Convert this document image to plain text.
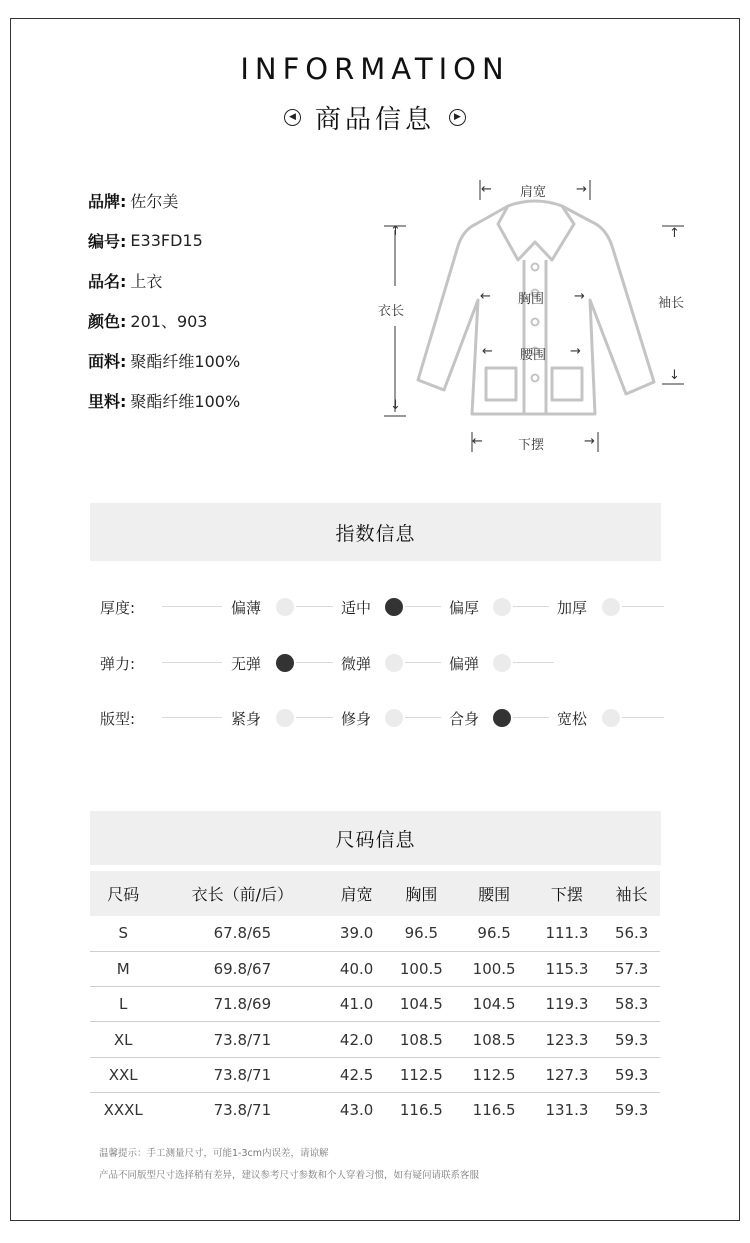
INFORMATION
◀ 商品信息	▶
品牌: 佐尔美
编号: E33FD15
品名: 上衣
颜色: 201、903
面料: 聚酯纤维100%
里料: 聚酯纤维100%
← 肩宽 →
↑
衣长
↓
← 胸围 →
← 腰围 →
←	下摆	→
↑
袖长
↓
指数信息
厚度:	偏薄	适中	偏厚	加厚
弹力:	无弹	微弹	偏弹
版型:	紧身	修身	合身	宽松
尺码信息
尺码	衣长（前/后）	肩宽	胸围	腰围	下摆	袖长
S	67.8/65	39.0	96.5	96.5	111.3	56.3
M	69.8/67	40.0	100.5	100.5	115.3	57.3
L	71.8/69	41.0	104.5	104.5	119.3	58.3
XL	73.8/71	42.0	108.5	108.5	123.3	59.3
XXL	73.8/71	42.5	112.5	112.5	127.3	59.3
XXXL	73.8/71	43.0	116.5	116.5	131.3	59.3
温馨提示：手工测量尺寸，可能1-3cm内误差，请谅解
产品不同版型尺寸选择稍有差异，建议参考尺寸参数和个人穿着习惯，如有疑问请联系客服
